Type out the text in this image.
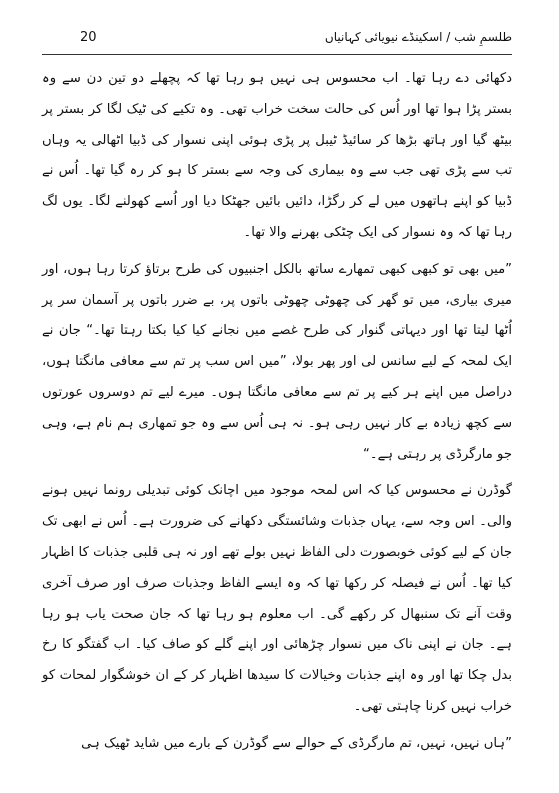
20	طلسمِ شب / اسکینڈے نیویائی کہانیاں

دکھائی دے رہا تھا۔ اب محسوس ہی نہیں ہو رہا تھا کہ پچھلے دو تین دن سے وہ بستر پڑا ہوا تھا اور اُس کی حالت سخت خراب تھی۔ وہ تکیے کی ٹیک لگا کر بستر پر بیٹھ گیا اور ہاتھ بڑھا کر سائیڈ ٹیبل پر پڑی ہوئی اپنی نسوار کی ڈبیا اٹھالی یہ وہاں تب سے پڑی تھی جب سے وہ بیماری کی وجہ سے بستر کا ہو کر رہ گیا تھا۔ اُس نے ڈبیا کو اپنے ہاتھوں میں لے کر رگڑا، دائیں بائیں جھٹکا دیا اور اُسے کھولنے لگا۔ یوں لگ رہا تھا کہ وہ نسوار کی ایک چٹکی بھرنے والا تھا۔

”میں بھی تو کبھی کبھی تمھارے ساتھ بالکل اجنبیوں کی طرح برتاؤ کرتا رہا ہوں، اور میری بیاری، میں تو گھر کی چھوٹی چھوٹی باتوں پر، بے ضرر باتوں پر آسمان سر پر اُٹھا لیتا تھا اور دیہاتی گنوار کی طرح غصے میں نجانے کیا کیا بکتا رہتا تھا۔“ جان نے ایک لمحہ کے لیے سانس لی اور پھر بولا، ”میں اس سب پر تم سے معافی مانگتا ہوں، دراصل میں اپنے ہر کیے پر تم سے معافی مانگتا ہوں۔ میرے لیے تم دوسروں عورتوں سے کچھ زیادہ بے کار نہیں رہی ہو۔ نہ ہی اُس سے وہ جو تمھاری ہم نام ہے، وہی جو مارگرڈی پر رہتی ہے۔“

گوڈرن نے محسوس کیا کہ اس لمحہ موجود میں اچانک کوئی تبدیلی رونما نہیں ہونے والی۔ اس وجہ سے، یہاں جذبات وشائستگی دکھانے کی ضرورت ہے۔ اُس نے ابھی تک جان کے لیے کوئی خوبصورت دلی الفاظ نہیں بولے تھے اور نہ ہی قلبی جذبات کا اظہار کیا تھا۔ اُس نے فیصلہ کر رکھا تھا کہ وہ ایسے الفاظ وجذبات صرف اور صرف آخری وقت آنے تک سنبھال کر رکھے گی۔ اب معلوم ہو رہا تھا کہ جان صحت یاب ہو رہا ہے۔ جان نے اپنی ناک میں نسوار چڑھائی اور اپنے گلے کو صاف کیا۔ اب گفتگو کا رخ بدل چکا تھا اور وہ اپنے جذبات وخیالات کا سیدھا اظہار کر کے ان خوشگوار لمحات کو خراب نہیں کرنا چاہتی تھی۔

”ہاں نہیں، نہیں، تم مارگرڈی کے حوالے سے گوڈرن کے بارے میں شاید ٹھیک ہی
